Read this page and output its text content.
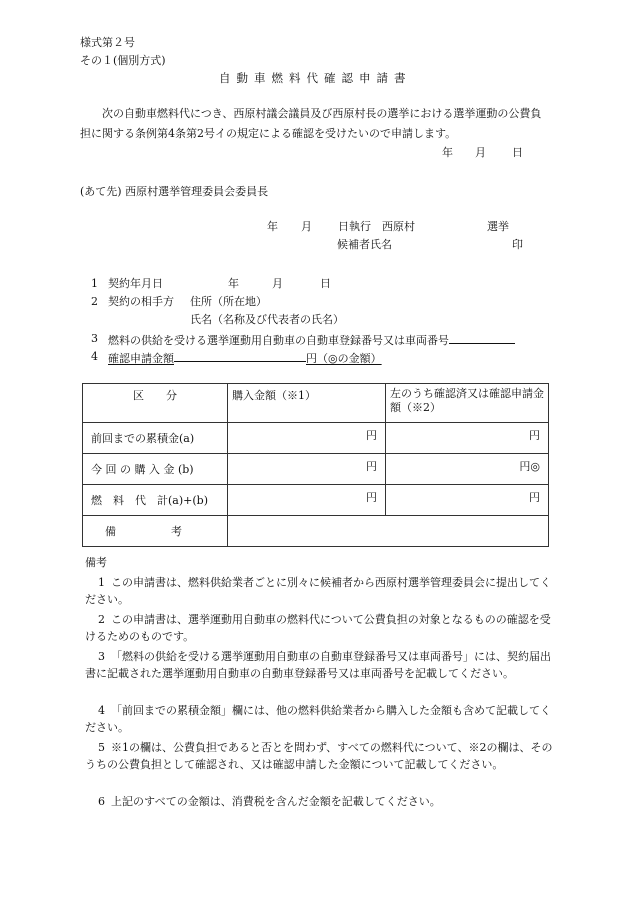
様式第２号
その１(個別方式)
自動車燃料代確認申請書
次の自動車燃料代につき、西原村議会議員及び西原村長の選挙における選挙運動の公費負担に関する条例第4条第2号イの規定による確認を受けたいので申請します。
年 月 日
(あて先) 西原村選挙管理委員会委員長
年 月 日執行 西原村	選挙
候補者氏名	印
1 契約年月日	年	月	日
2 契約の相手方 住所（所在地）
氏名（名称及び代表者の氏名）
3 燃料の供給を受ける選挙運動用自動車の自動車登録番号又は車両番号
4 確認申請金額	円（◎の金額）
区　　分	購入金額（※1）	左のうち確認済又は確認申請金額（※2）
前回までの累積金(a)	円	円

今 回 の 購 入 金 (b)	円	円◎

燃　料　代　計(a)+(b)	円	円

備　　　　　考		
備考
1 この申請書は、燃料供給業者ごとに別々に候補者から西原村選挙管理委員会に提出してください。
2 この申請書は、選挙運動用自動車の燃料代について公費負担の対象となるものの確認を受けるためのものです。
3 「燃料の供給を受ける選挙運動用自動車の自動車登録番号又は車両番号」には、契約届出書に記載された選挙運動用自動車の自動車登録番号又は車両番号を記載してください。
4 「前回までの累積金額」欄には、他の燃料供給業者から購入した金額も含めて記載してください。
5 ※1の欄は、公費負担であると否とを問わず、すべての燃料代について、※2の欄は、そのうちの公費負担として確認され、又は確認申請した金額について記載してください。
6 上記のすべての金額は、消費税を含んだ金額を記載してください。
